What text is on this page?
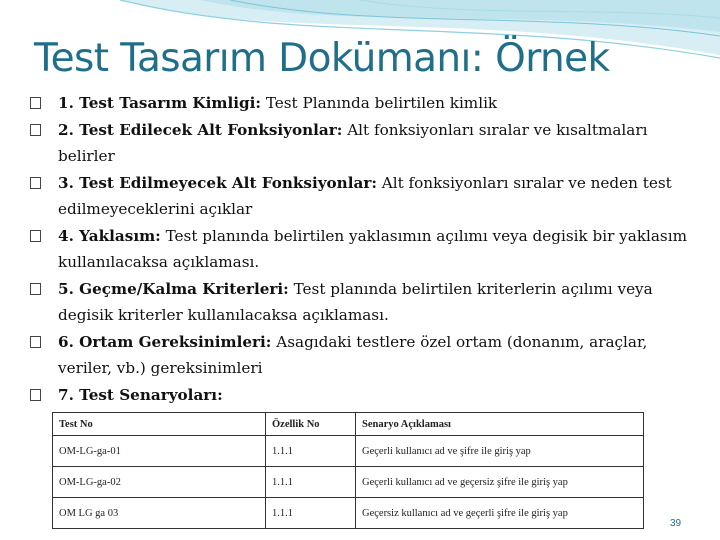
Test Tasarım Dokümanı: Örnek
1. Test Tasarım Kimligi: Test Planında belirtilen kimlik
2. Test Edilecek Alt Fonksiyonlar: Alt fonksiyonları sıralar ve kısaltmaları belirler
3. Test Edilmeyecek Alt Fonksiyonlar: Alt fonksiyonları sıralar ve neden test edilmeyeceklerini açıklar
4. Yaklasım: Test planında belirtilen yaklasımın açılımı veya degisik bir yaklasım kullanılacaksa açıklaması.
5. Geçme/Kalma Kriterleri: Test planında belirtilen kriterlerin açılımı veya degisik kriterler kullanılacaksa açıklaması.
6. Ortam Gereksinimleri: Asagıdaki testlere özel ortam (donanım, araçlar, veriler, vb.) gereksinimleri
7. Test Senaryoları:
Test No	Özellik No	Senaryo Açıklaması
OM-LG-ga-01	1.1.1	Geçerli kullanıcı ad ve şifre ile giriş yap
OM-LG-ga-02	1.1.1	Geçerli kullanıcı ad ve geçersiz şifre ile giriş yap
OM LG ga 03	1.1.1	Geçersiz kullanıcı ad ve geçerli şifre ile giriş yap
39
